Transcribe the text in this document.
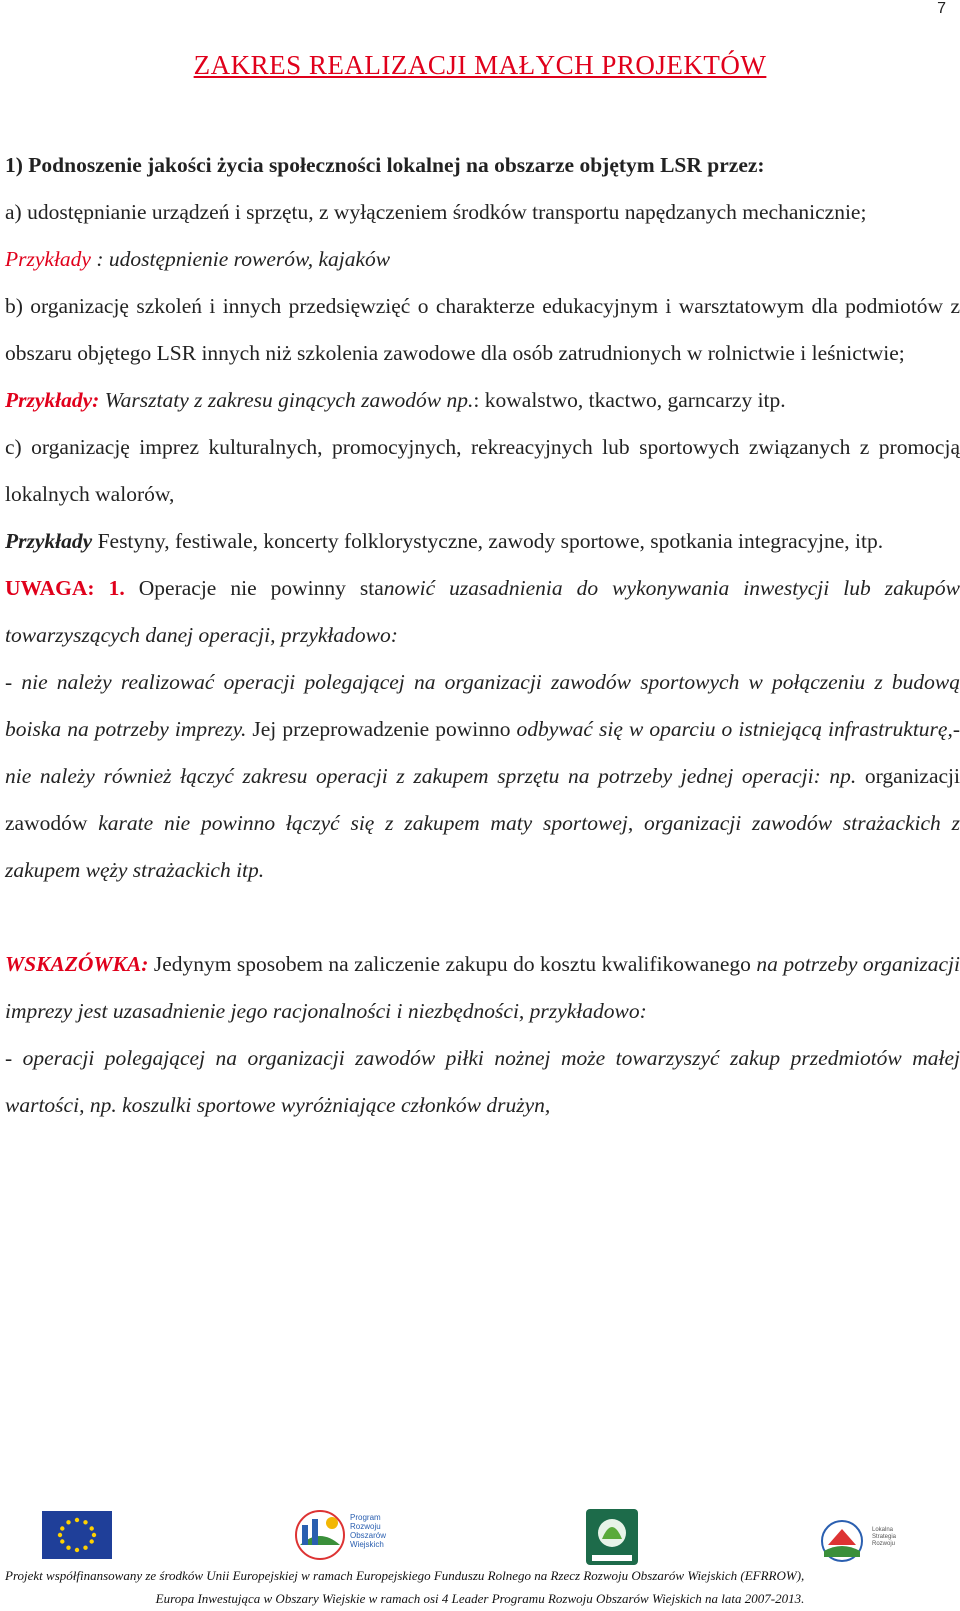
7
ZAKRES REALIZACJI MAŁYCH PROJEKTÓW

1) Podnoszenie jakości życia społeczności lokalnej na obszarze objętym LSR przez:

a) udostępnianie urządzeń i sprzętu, z wyłączeniem środków transportu napędzanych mechanicznie;

Przykłady : udostępnienie rowerów, kajaków

b) organizację szkoleń i innych przedsięwzięć o charakterze edukacyjnym i warsztatowym dla podmiotów z obszaru objętego LSR innych niż szkolenia zawodowe dla osób zatrudnionych w rolnictwie i leśnictwie;

Przykłady: Warsztaty z zakresu ginących zawodów np.: kowalstwo, tkactwo, garncarzy itp.

c) organizację imprez kulturalnych, promocyjnych, rekreacyjnych lub sportowych związanych z promocją lokalnych walorów,

Przykłady Festyny, festiwale, koncerty folklorystyczne, zawody sportowe, spotkania integracyjne, itp.

UWAGA: 1. Operacje nie powinny stanowić uzasadnienia do wykonywania inwestycji lub zakupów towarzyszących danej operacji, przykładowo:

- nie należy realizować operacji polegającej na organizacji zawodów sportowych w połączeniu z budową boiska na potrzeby imprezy. Jej przeprowadzenie powinno odbywać się w oparciu o istniejącą infrastrukturę,- nie należy również łączyć zakresu operacji z zakupem sprzętu na potrzeby jednej operacji: np. organizacji zawodów karate nie powinno łączyć się z zakupem maty sportowej, organizacji zawodów strażackich z zakupem węży strażackich itp.

WSKAZÓWKA: Jedynym sposobem na zaliczenie zakupu do kosztu kwalifikowanego na potrzeby organizacji imprezy jest uzasadnienie jego racjonalności i niezbędności, przykładowo:

- operacji polegającej na organizacji zawodów piłki nożnej może towarzyszyć zakup przedmiotów małej wartości, np. koszulki sportowe wyróżniające członków drużyn,

Program Rozwoju Obszarów Wiejskich
Lokalna Strategia Rozwoju
Projekt współfinansowany ze środków Unii Europejskiej w ramach Europejskiego Funduszu Rolnego na Rzecz Rozwoju Obszarów Wiejskich (EFRROW),
Europa Inwestująca w Obszary Wiejskie w ramach osi 4 Leader Programu Rozwoju Obszarów Wiejskich na lata 2007-2013.
